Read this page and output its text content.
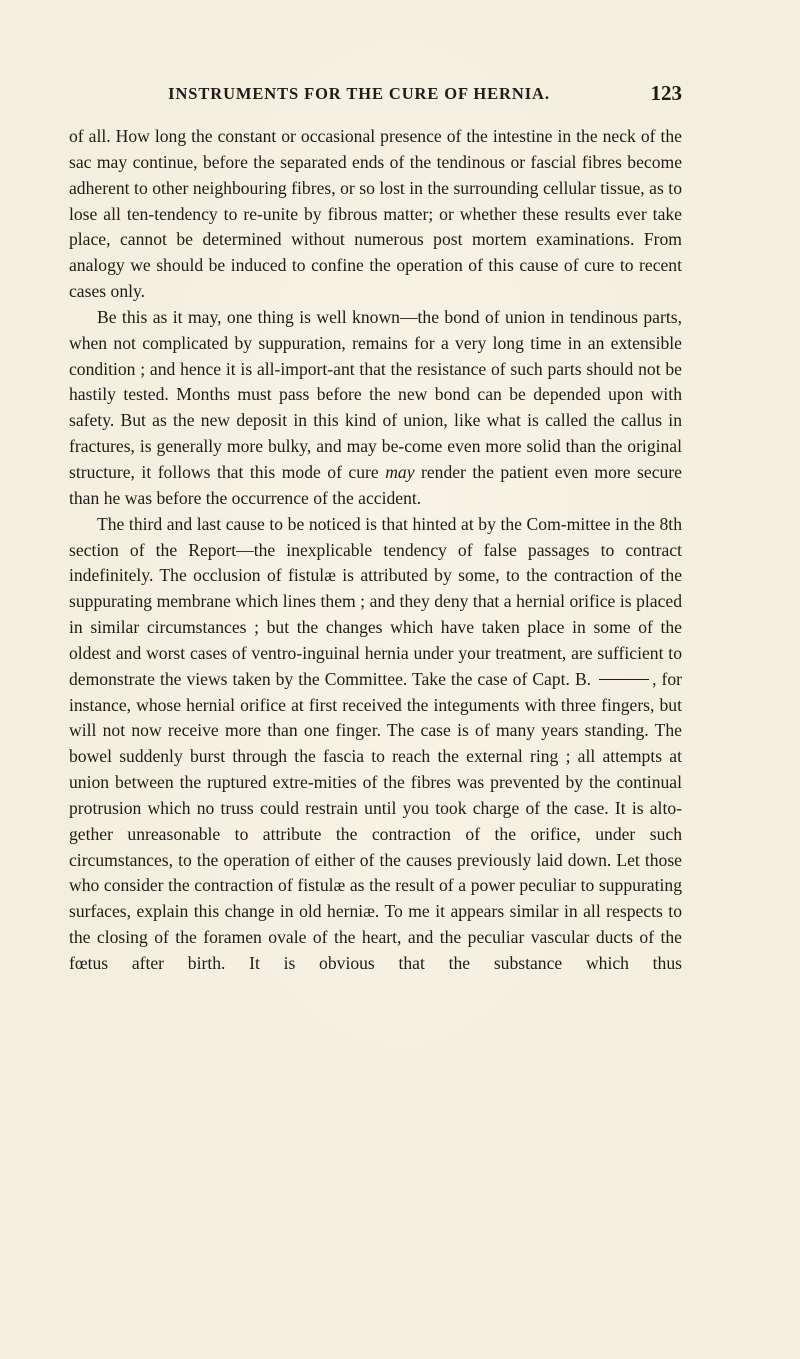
INSTRUMENTS FOR THE CURE OF HERNIA.	123

of all. How long the constant or occasional presence of the intestine in the neck of the sac may continue, before the separated ends of the tendinous or fascial fibres become adherent to other neighbouring fibres, or so lost in the surrounding cellular tissue, as to lose all ten-tendency to re-unite by fibrous matter; or whether these results ever take place, cannot be determined without numerous post mortem examinations. From analogy we should be induced to confine the operation of this cause of cure to recent cases only.

Be this as it may, one thing is well known—the bond of union in tendinous parts, when not complicated by suppuration, remains for a very long time in an extensible condition ; and hence it is all-import-ant that the resistance of such parts should not be hastily tested. Months must pass before the new bond can be depended upon with safety. But as the new deposit in this kind of union, like what is called the callus in fractures, is generally more bulky, and may be-come even more solid than the original structure, it follows that this mode of cure may render the patient even more secure than he was before the occurrence of the accident.

The third and last cause to be noticed is that hinted at by the Com-mittee in the 8th section of the Report—the inexplicable tendency of false passages to contract indefinitely. The occlusion of fistulæ is attributed by some, to the contraction of the suppurating membrane which lines them ; and they deny that a hernial orifice is placed in similar circumstances ; but the changes which have taken place in some of the oldest and worst cases of ventro-inguinal hernia under your treatment, are sufficient to demonstrate the views taken by the Committee. Take the case of Capt. B.	, for instance, whose hernial orifice at first received the integuments with three fingers, but will not now receive more than one finger. The case is of many years standing. The bowel suddenly burst through the fascia to reach the external ring ; all attempts at union between the ruptured extre-mities of the fibres was prevented by the continual protrusion which no truss could restrain until you took charge of the case. It is alto-gether unreasonable to attribute the contraction of the orifice, under such circumstances, to the operation of either of the causes previously laid down. Let those who consider the contraction of fistulæ as the result of a power peculiar to suppurating surfaces, explain this change in old herniæ. To me it appears similar in all respects to the closing of the foramen ovale of the heart, and the peculiar vascular ducts of the fœtus after birth. It is obvious that the substance which thus
